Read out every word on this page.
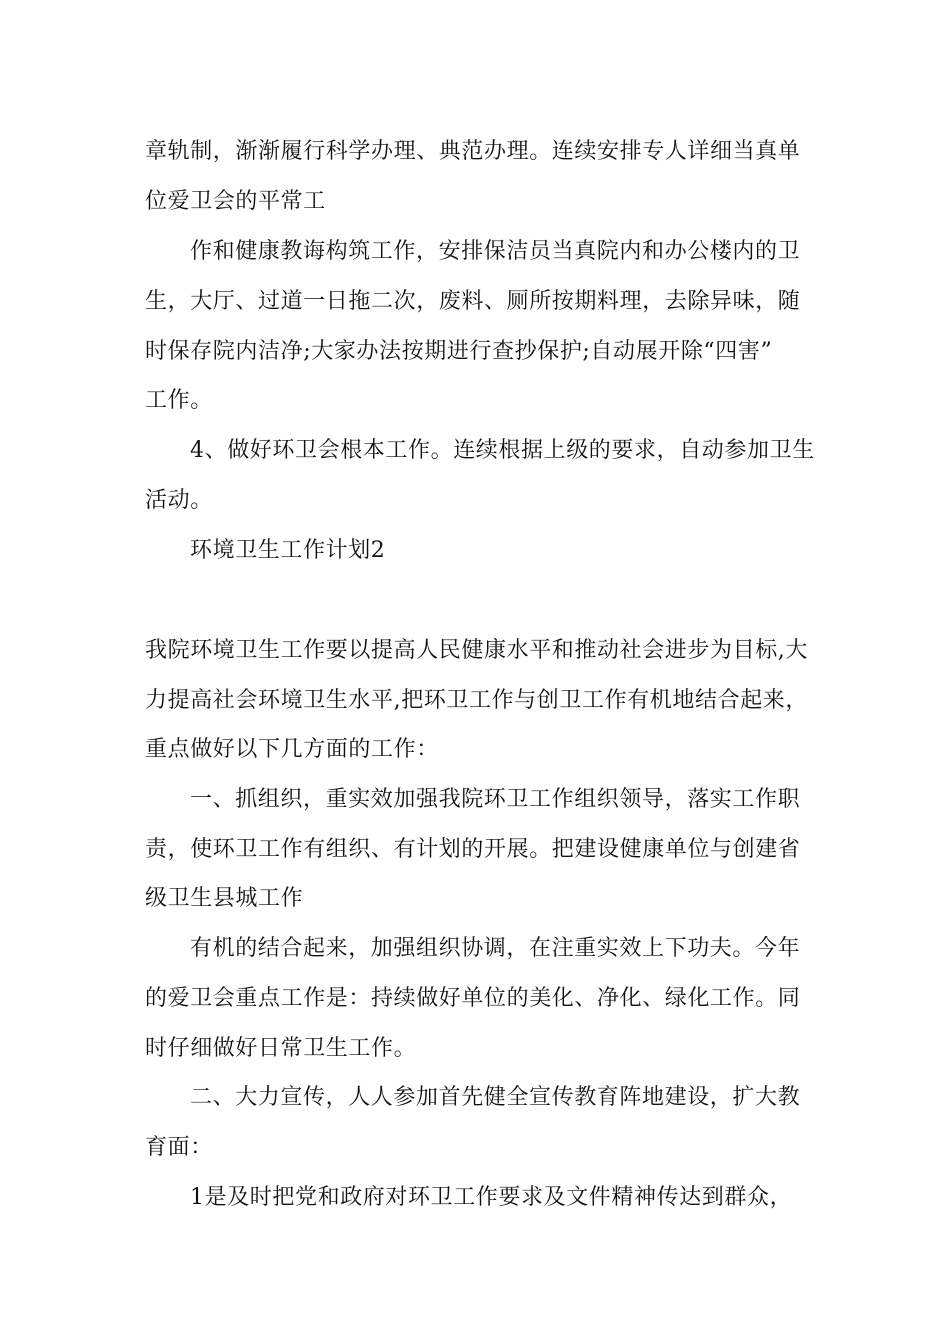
章轨制，渐渐履行科学办理、典范办理。连续安排专人详细当真单
位爱卫会的平常工
作和健康教诲构筑工作，安排保洁员当真院内和办公楼内的卫
生，大厅、过道一日拖二次，废料、厕所按期料理，去除异味，随
时保存院内洁净;大家办法按期进行查抄保护;自动展开除“四害”
工作。
4、做好环卫会根本工作。连续根据上级的要求，自动参加卫生
活动。
环境卫生工作计划2
我院环境卫生工作要以提高人民健康水平和推动社会进步为目标,大
力提高社会环境卫生水平,把环卫工作与创卫工作有机地结合起来，
重点做好以下几方面的工作：
一、抓组织，重实效加强我院环卫工作组织领导，落实工作职
责，使环卫工作有组织、有计划的开展。把建设健康单位与创建省
级卫生县城工作
有机的结合起来，加强组织协调，在注重实效上下功夫。今年
的爱卫会重点工作是：持续做好单位的美化、净化、绿化工作。同
时仔细做好日常卫生工作。
二、大力宣传，人人参加首先健全宣传教育阵地建设，扩大教
育面：
1是及时把党和政府对环卫工作要求及文件精神传达到群众，
